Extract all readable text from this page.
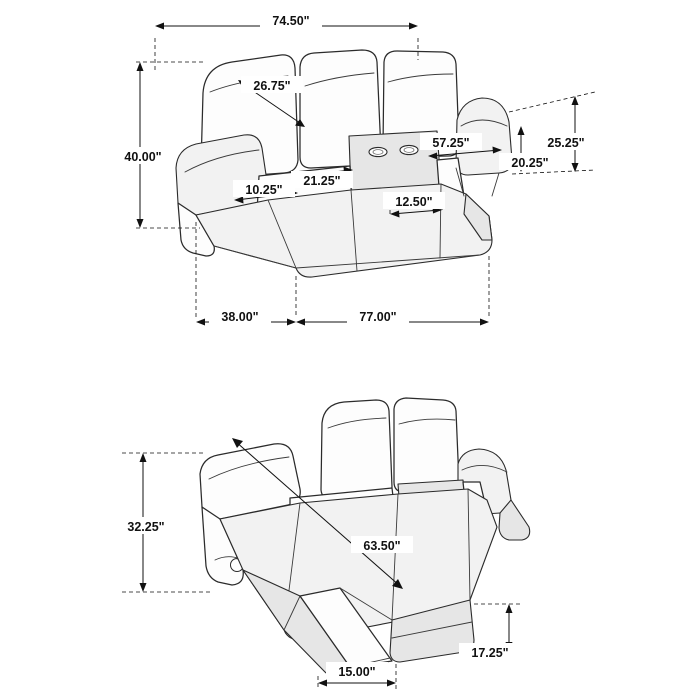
74.50"
26.75"
40.00"
57.25"	25.25"
20.25"
10.25"
21.25"
12.50"
38.00"	77.00"
32.25"
63.50"
15.00"
17.25"
